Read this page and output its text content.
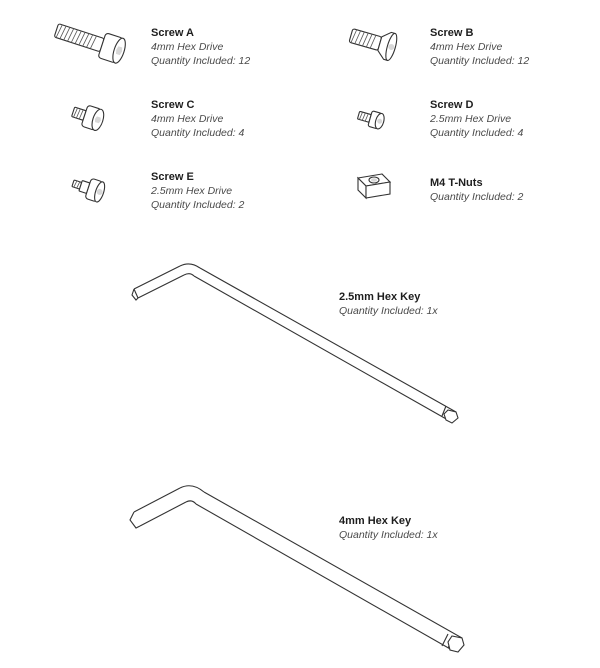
Screw A
4mm Hex Drive
Quantity Included: 12
Screw B
4mm Hex Drive
Quantity Included: 12
Screw C
4mm Hex Drive
Quantity Included: 4
Screw D
2.5mm Hex Drive
Quantity Included: 4
Screw E
2.5mm Hex Drive
Quantity Included: 2
M4 T-Nuts
Quantity Included: 2
2.5mm Hex Key
Quantity Included: 1x
4mm Hex Key
Quantity Included: 1x
